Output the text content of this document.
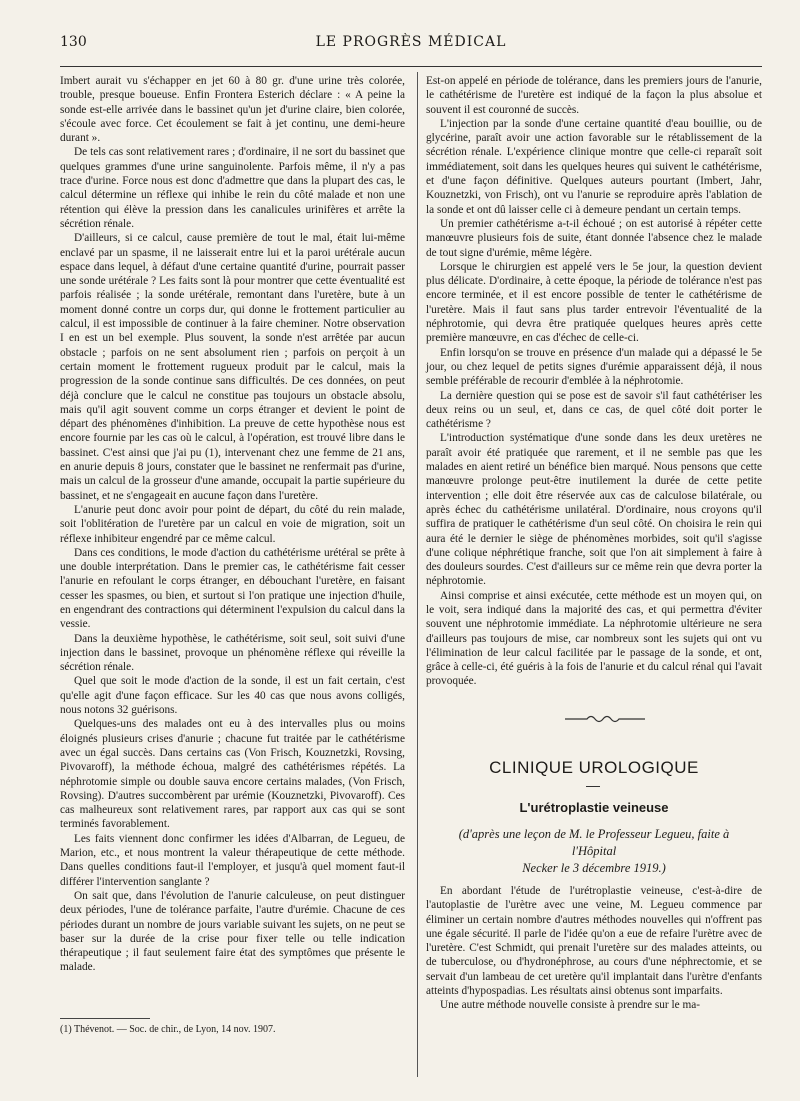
130	LE PROGRÈS MÉDICAL

Imbert aurait vu s'échapper en jet 60 à 80 gr. d'une urine très colorée, trouble, presque boueuse. Enfin Frontera Esterich déclare : « A peine la sonde est-elle arrivée dans le bassinet qu'un jet d'urine claire, bien colorée, s'écoule avec force. Cet écoulement se fait à jet continu, une demi-heure durant ».

De tels cas sont relativement rares ; d'ordinaire, il ne sort du bassinet que quelques grammes d'une urine sanguinolente. Parfois même, il n'y a pas trace d'urine. Force nous est donc d'admettre que dans la plupart des cas, le calcul détermine un réflexe qui inhibe le rein du côté malade et non une rétention qui élève la pression dans les canalicules urinifères et arrête la sécrétion rénale.

D'ailleurs, si ce calcul, cause première de tout le mal, était lui-même enclavé par un spasme, il ne laisserait entre lui et la paroi urétérale aucun espace dans lequel, à défaut d'une certaine quantité d'urine, pourrait passer une sonde urétérale ? Les faits sont là pour montrer que cette éventualité est parfois réalisée ; la sonde urétérale, remontant dans l'uretère, bute à un moment donné contre un corps dur, qui donne le frottement particulier au calcul, il est impossible de continuer à la faire cheminer. Notre observation I en est un bel exemple. Plus souvent, la sonde n'est arrêtée par aucun obstacle ; parfois on ne sent absolument rien ; parfois on perçoit à un certain moment le frottement rugueux produit par le calcul, mais la progression de la sonde continue sans difficultés. De ces données, on peut déjà conclure que le calcul ne constitue pas toujours un obstacle absolu, mais qu'il agit souvent comme un corps étranger et devient le point de départ des phénomènes d'inhibition. La preuve de cette hypothèse nous est encore fournie par les cas où le calcul, à l'opération, est trouvé libre dans le bassinet. C'est ainsi que j'ai pu (1), intervenant chez une femme de 21 ans, en anurie depuis 8 jours, constater que le bassinet ne renfermait pas d'urine, mais un calcul de la grosseur d'une amande, occupait la partie supérieure du bassinet, et ne s'engageait en aucune façon dans l'uretère.

L'anurie peut donc avoir pour point de départ, du côté du rein malade, soit l'oblitération de l'uretère par un calcul en voie de migration, soit un réflexe inhibiteur engendré par ce même calcul.

Dans ces conditions, le mode d'action du cathétérisme urétéral se prête à une double interprétation. Dans le premier cas, le cathétérisme fait cesser l'anurie en refoulant le corps étranger, en débouchant l'uretère, en faisant cesser les spasmes, ou bien, et surtout si l'on pratique une injection d'huile, en engendrant des contractions qui déterminent l'expulsion du calcul dans la vessie.

Dans la deuxième hypothèse, le cathétérisme, soit seul, soit suivi d'une injection dans le bassinet, provoque un phénomène réflexe qui réveille la sécrétion rénale.

Quel que soit le mode d'action de la sonde, il est un fait certain, c'est qu'elle agit d'une façon efficace. Sur les 40 cas que nous avons colligés, nous notons 32 guérisons.

Quelques-uns des malades ont eu à des intervalles plus ou moins éloignés plusieurs crises d'anurie ; chacune fut traitée par le cathétérisme avec un égal succès. Dans certains cas (Von Frisch, Kouznetzki, Rovsing, Pivovaroff), la méthode échoua, malgré des cathétérismes répétés. La néphrotomie simple ou double sauva encore certains malades, (Von Frisch, Rovsing). D'autres succombèrent par urémie (Kouznetzki, Pivovaroff). Ces cas malheureux sont relativement rares, par rapport aux cas qui se sont terminés favorablement.

Les faits viennent donc confirmer les idées d'Albarran, de Legueu, de Marion, etc., et nous montrent la valeur thérapeutique de cette méthode. Dans quelles conditions faut-il l'employer, et jusqu'à quel moment faut-il différer l'intervention sanglante ?

On sait que, dans l'évolution de l'anurie calculeuse, on peut distinguer deux périodes, l'une de tolérance parfaite, l'autre d'urémie. Chacune de ces périodes durant un nombre de jours variable suivant les sujets, on ne peut se baser sur la durée de la crise pour fixer telle ou telle indication thérapeutique ; il faut seulement faire état des symptômes que présente le malade.

(1) Thévenot. — Soc. de chir., de Lyon, 14 nov. 1907.

Est-on appelé en période de tolérance, dans les premiers jours de l'anurie, le cathétérisme de l'uretère est indiqué de la façon la plus absolue et souvent il est couronné de succès.

L'injection par la sonde d'une certaine quantité d'eau bouillie, ou de glycérine, paraît avoir une action favorable sur le rétablissement de la sécrétion rénale. L'expérience clinique montre que celle-ci reparaît soit immédiatement, soit dans les quelques heures qui suivent le cathétérisme, et d'une façon définitive. Quelques auteurs pourtant (Imbert, Jahr, Kouznetzki, von Frisch), ont vu l'anurie se reproduire après l'ablation de la sonde et ont dû laisser celle ci à demeure pendant un certain temps.

Un premier cathétérisme a-t-il échoué ; on est autorisé à répéter cette manœuvre plusieurs fois de suite, étant donnée l'absence chez le malade de tout signe d'urémie, même légère.

Lorsque le chirurgien est appelé vers le 5e jour, la question devient plus délicate. D'ordinaire, à cette époque, la période de tolérance n'est pas encore terminée, et il est encore possible de tenter le cathétérisme de l'uretère. Mais il faut sans plus tarder entrevoir l'éventualité de la néphrotomie, qui devra être pratiquée quelques heures après cette première manœuvre, en cas d'échec de celle-ci.

Enfin lorsqu'on se trouve en présence d'un malade qui a dépassé le 5e jour, ou chez lequel de petits signes d'urémie apparaissent déjà, il nous semble préférable de recourir d'emblée à la néphrotomie.

La dernière question qui se pose est de savoir s'il faut cathétériser les deux reins ou un seul, et, dans ce cas, de quel côté doit porter le cathétérisme ?

L'introduction systématique d'une sonde dans les deux uretères ne paraît avoir été pratiquée que rarement, et il ne semble pas que les malades en aient retiré un bénéfice bien marqué. Nous pensons que cette manœuvre prolonge peut-être inutilement la durée de cette petite intervention ; elle doit être réservée aux cas de calculose bilatérale, ou après échec du cathétérisme unilatéral. D'ordinaire, nous croyons qu'il suffira de pratiquer le cathétérisme d'un seul côté. On choisira le rein qui aura été le dernier le siège de phénomènes morbides, soit qu'il s'agisse d'une colique néphrétique franche, soit que l'on ait simplement à faire à des douleurs sourdes. C'est d'ailleurs sur ce même rein que devra porter la néphrotomie.

Ainsi comprise et ainsi exécutée, cette méthode est un moyen qui, on le voit, sera indiqué dans la majorité des cas, et qui permettra d'éviter souvent une néphrotomie immédiate. La néphrotomie ultérieure ne sera d'ailleurs pas toujours de mise, car nombreux sont les sujets qui ont vu l'élimination de leur calcul facilitée par le passage de la sonde, et ont, grâce à celle-ci, été guéris à la fois de l'anurie et du calcul rénal qui l'avait provoquée.

CLINIQUE UROLOGIQUE
L'urétroplastie veineuse
(d'après une leçon de M. le Professeur Legueu, faite à l'Hôpital
Necker le 3 décembre 1919.)

En abordant l'étude de l'urétroplastie veineuse, c'est-à-dire de l'autoplastie de l'urètre avec une veine, M. Legueu commence par éliminer un certain nombre d'autres méthodes nouvelles qui n'offrent pas une égale sécurité. Il parle de l'idée qu'on a eue de refaire l'urètre avec de l'uretère. C'est Schmidt, qui prenait l'uretère sur des malades atteints, ou de tuberculose, ou d'hydronéphrose, au cours d'une néphrectomie, et se servait d'un lambeau de cet uretère qu'il implantait dans l'urètre d'enfants atteints d'hypospadias. Les résultats ainsi obtenus sont imparfaits.

Une autre méthode nouvelle consiste à prendre sur le ma-
